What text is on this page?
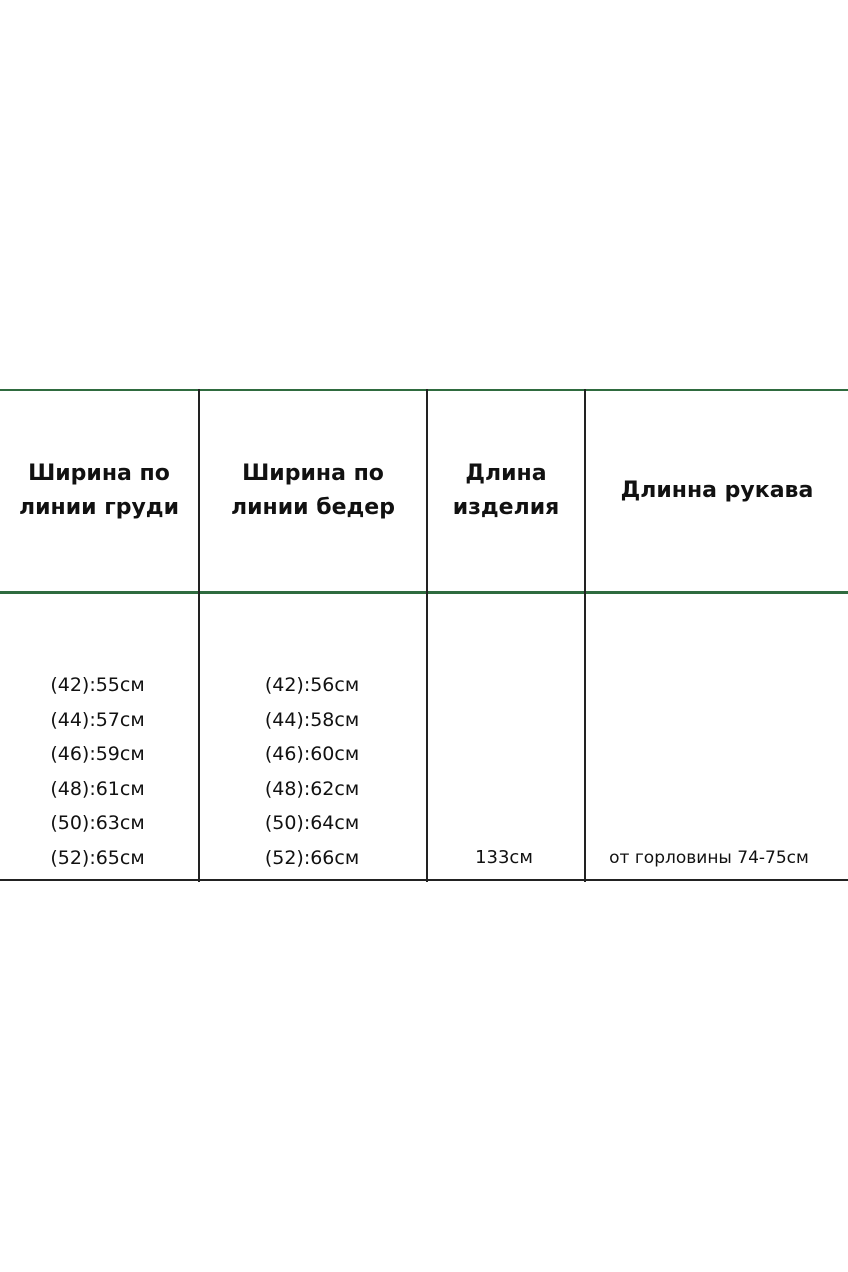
Ширина по
линии груди
Ширина по
линии бедер
Длина
изделия
Длинна рукава
(42):55см
(44):57см
(46):59см
(48):61см
(50):63см
(52):65см
(42):56см
(44):58см
(46):60см
(48):62см
(50):64см
(52):66см	133см	от горловины 74-75см
